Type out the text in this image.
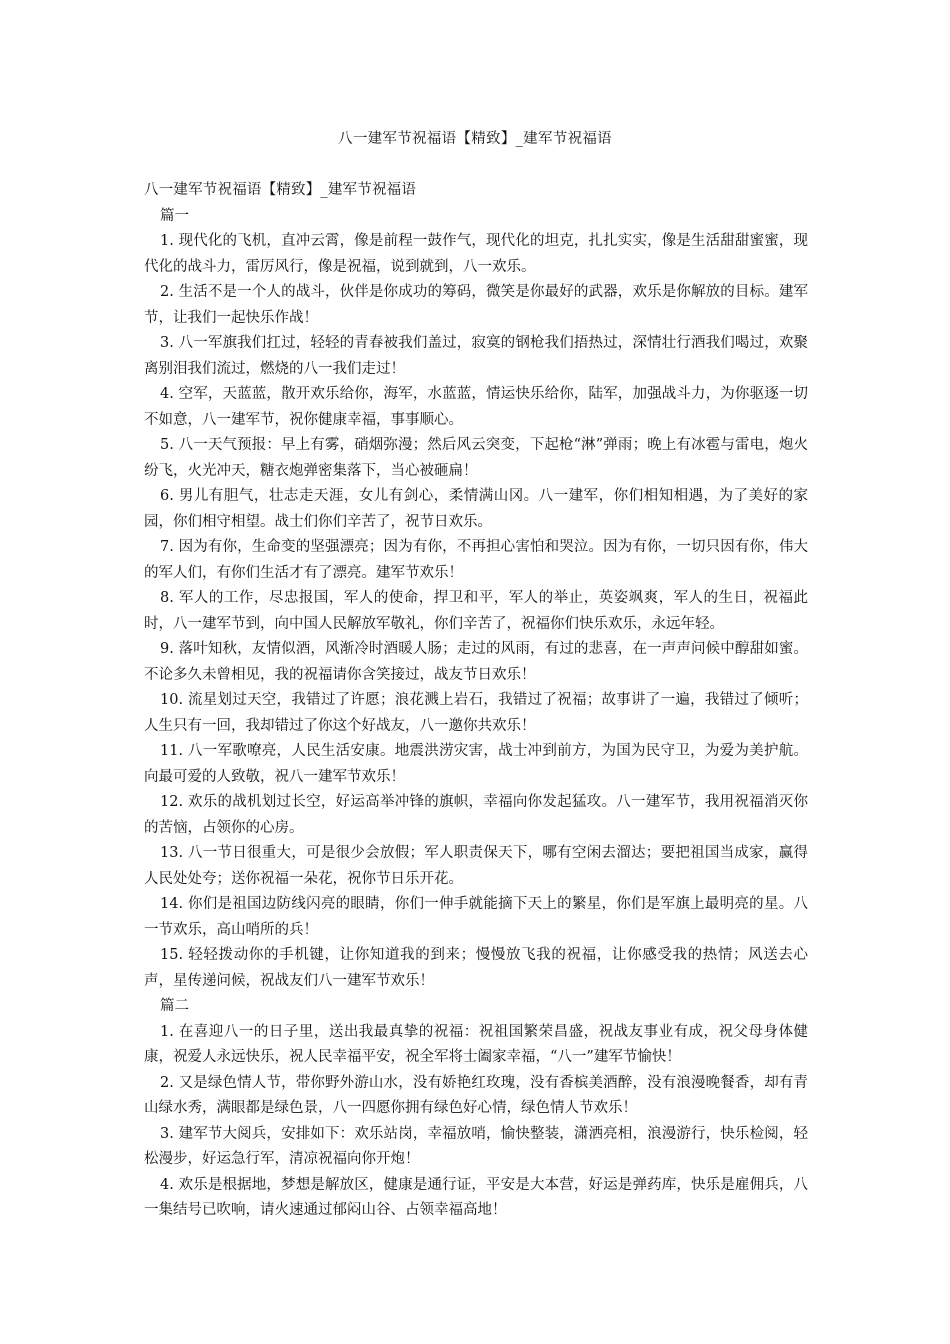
八一建军节祝福语【精致】_建军节祝福语

八一建军节祝福语【精致】_建军节祝福语

篇一

1. 现代化的飞机，直冲云霄，像是前程一鼓作气，现代化的坦克，扎扎实实，像是生活甜甜蜜蜜，现代化的战斗力，雷厉风行，像是祝福，说到就到，八一欢乐。

2. 生活不是一个人的战斗，伙伴是你成功的筹码，微笑是你最好的武器，欢乐是你解放的目标。建军节，让我们一起快乐作战！

3. 八一军旗我们扛过，轻轻的青春被我们盖过，寂寞的钢枪我们捂热过，深情壮行酒我们喝过，欢聚离别泪我们流过，燃烧的八一我们走过！

4. 空军，天蓝蓝，散开欢乐给你，海军，水蓝蓝，情运快乐给你，陆军，加强战斗力，为你驱逐一切不如意，八一建军节，祝你健康幸福，事事顺心。

5. 八一天气预报：早上有雾，硝烟弥漫；然后风云突变，下起枪“淋”弹雨；晚上有冰雹与雷电，炮火纷飞，火光冲天，糖衣炮弹密集落下，当心被砸扁！

6. 男儿有胆气，壮志走天涯，女儿有剑心，柔情满山冈。八一建军，你们相知相遇，为了美好的家园，你们相守相望。战士们你们辛苦了，祝节日欢乐。

7. 因为有你，生命变的坚强漂亮；因为有你，不再担心害怕和哭泣。因为有你，一切只因有你，伟大的军人们，有你们生活才有了漂亮。建军节欢乐！

8. 军人的工作，尽忠报国，军人的使命，捍卫和平，军人的举止，英姿飒爽，军人的生日，祝福此时，八一建军节到，向中国人民解放军敬礼，你们辛苦了，祝福你们快乐欢乐，永远年轻。

9. 落叶知秋，友情似酒，风渐冷时酒暖人肠；走过的风雨，有过的悲喜，在一声声问候中醇甜如蜜。不论多久未曾相见，我的祝福请你含笑接过，战友节日欢乐！

10. 流星划过天空，我错过了许愿；浪花溅上岩石，我错过了祝福；故事讲了一遍，我错过了倾听；人生只有一回，我却错过了你这个好战友，八一邀你共欢乐！

11. 八一军歌嘹亮，人民生活安康。地震洪涝灾害，战士冲到前方，为国为民守卫，为爱为美护航。向最可爱的人致敬，祝八一建军节欢乐！

12. 欢乐的战机划过长空，好运高举冲锋的旗帜，幸福向你发起猛攻。八一建军节，我用祝福消灭你的苦恼，占领你的心房。

13. 八一节日很重大，可是很少会放假；军人职责保天下，哪有空闲去溜达；要把祖国当成家，赢得人民处处夸；送你祝福一朵花，祝你节日乐开花。

14. 你们是祖国边防线闪亮的眼睛，你们一伸手就能摘下天上的繁星，你们是军旗上最明亮的星。八一节欢乐，高山哨所的兵！

15. 轻轻拨动你的手机键，让你知道我的到来；慢慢放飞我的祝福，让你感受我的热情；风送去心声，星传递问候，祝战友们八一建军节欢乐！

篇二

1. 在喜迎八一的日子里，送出我最真挚的祝福：祝祖国繁荣昌盛，祝战友事业有成，祝父母身体健康，祝爱人永远快乐，祝人民幸福平安，祝全军将士阖家幸福，“八一”建军节愉快！

2. 又是绿色情人节，带你野外游山水，没有娇艳红玫瑰，没有香槟美酒醉，没有浪漫晚餐香，却有青山绿水秀，满眼都是绿色景，八一四愿你拥有绿色好心情，绿色情人节欢乐！

3. 建军节大阅兵，安排如下：欢乐站岗，幸福放哨，愉快整装，潇洒亮相，浪漫游行，快乐检阅，轻松漫步，好运急行军，清凉祝福向你开炮！

4. 欢乐是根据地，梦想是解放区，健康是通行证，平安是大本营，好运是弹药库，快乐是雇佣兵，八一集结号已吹响，请火速通过郁闷山谷、占领幸福高地！
